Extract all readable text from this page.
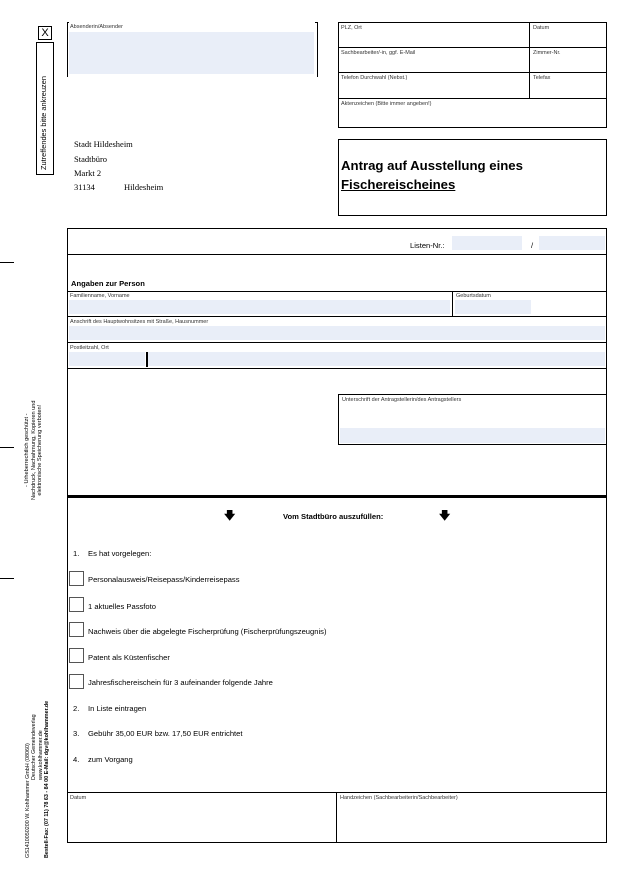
X
Zutreffendes bitte ankreuzen
- Urheberrechtlich geschützt - Nachdruck, Nachahmung, Kopieren und elektronische Speicherung verboten!
GS1410050200 W. Kohlhammer GmbH (08060) Deutscher Gemeindeverlag www.kohlhammer.de Bestell-Fax: (07 11) 78 63 - 84 00 E-Mail: dgv@kohlhammer.de
Absenderin/Absender	PLZ, Ort	Datum
Sachbearbeiter/-in, ggf. E-Mail	Zimmer-Nr.
Telefon Durchwahl (Nebst.)	Telefax
Aktenzeichen (Bitte immer angeben!)
Stadt Hildesheim
Stadtbüro
Markt 2
31134	Hildesheim
Antrag auf Ausstellung eines
Fischereischeines
Listen-Nr.:	/
Angaben zur Person
Familienname, Vorname	Geburtsdatum
Anschrift des Hauptwohnsitzes mit Straße, Hausnummer
Postleitzahl, Ort
Unterschrift der Antragstellerin/des Antragstellers
🡇	Vom Stadtbüro auszufüllen:	🡇
1. Es hat vorgelegen:
Personalausweis/Reisepass/Kinderreisepass
1 aktuelles Passfoto
Nachweis über die abgelegte Fischerprüfung (Fischerprüfungszeugnis)
Patent als Küstenfischer
Jahresfischereischein für 3 aufeinander folgende Jahre
2. In Liste eintragen
3. Gebühr 35,00 EUR bzw. 17,50 EUR entrichtet
4. zum Vorgang
Datum	Handzeichen (Sachbearbeiterin/Sachbearbeiter)
